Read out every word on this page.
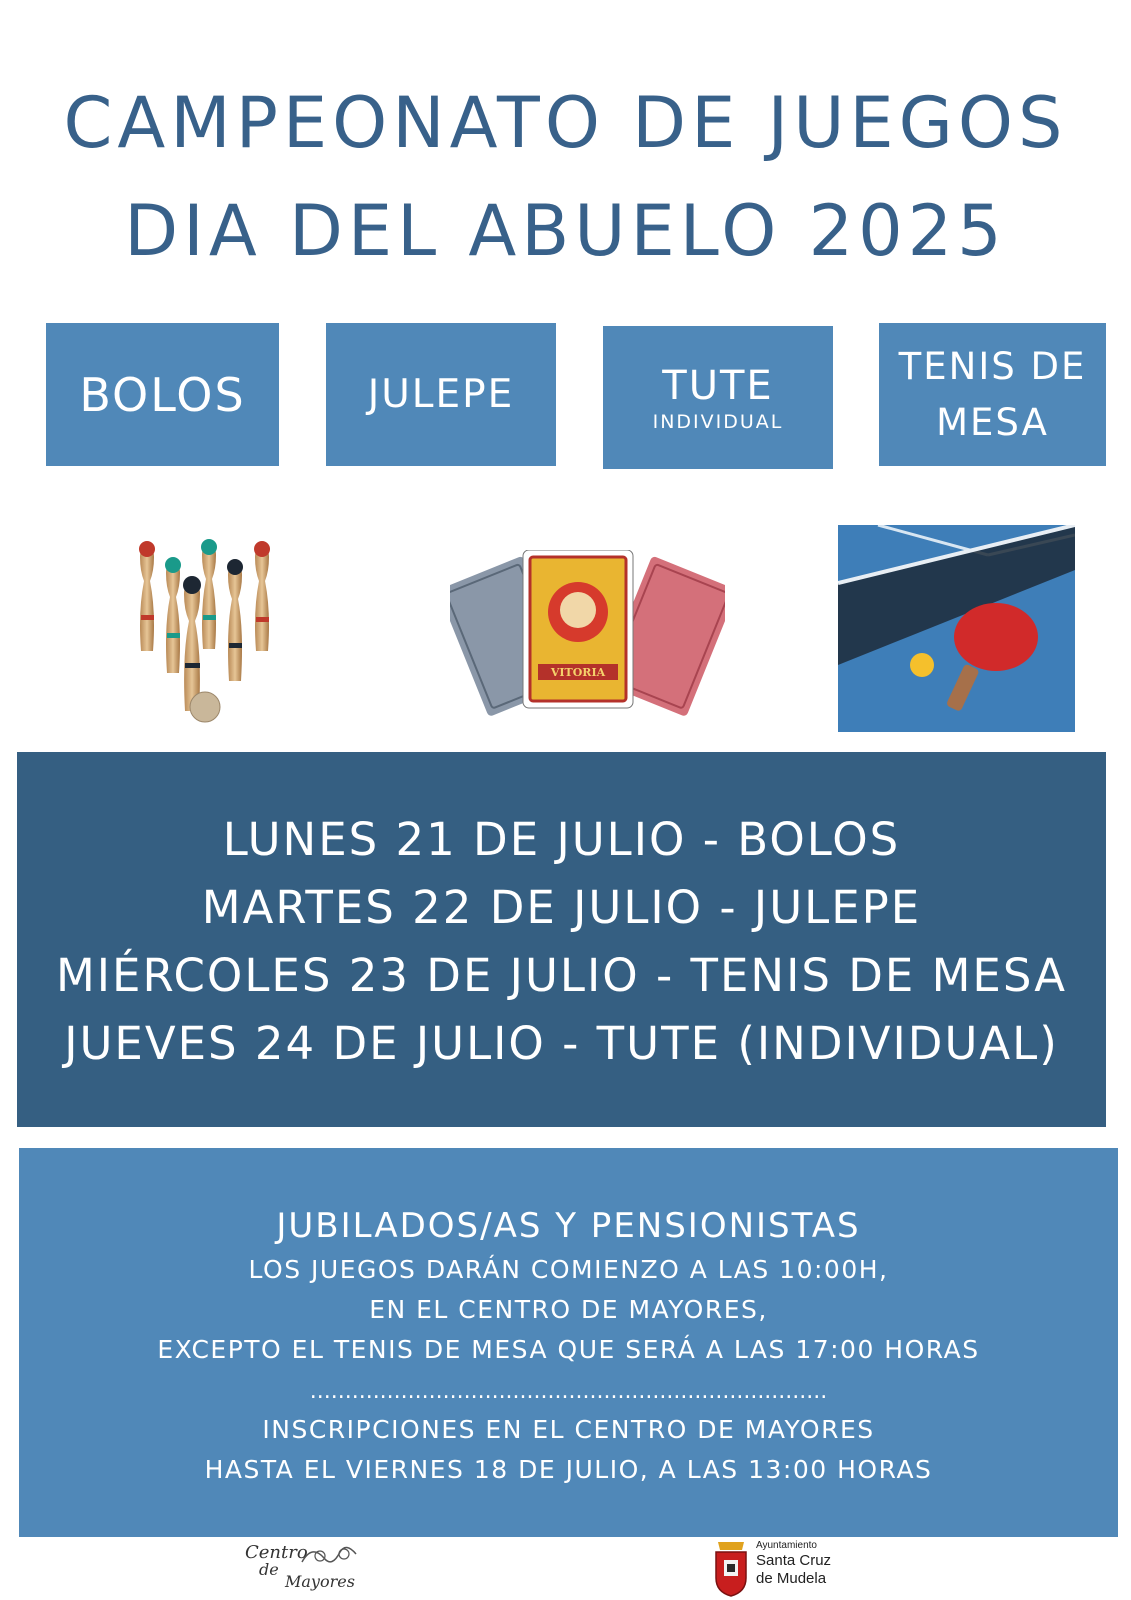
CAMPEONATO DE JUEGOS
DIA DEL ABUELO 2025
BOLOS	JULEPE	TUTE
INDIVIDUAL
TENIS DE
MESA
VITORIA
LUNES 21 DE JULIO - BOLOS
MARTES 22 DE JULIO - JULEPE
MIÉRCOLES 23 DE JULIO - TENIS DE MESA
JUEVES 24 DE JULIO - TUTE (INDIVIDUAL)
JUBILADOS/AS Y PENSIONISTAS
LOS JUEGOS DARÁN COMIENZO A LAS 10:00H,
EN EL CENTRO DE MAYORES,
EXCEPTO EL TENIS DE MESA QUE SERÁ A LAS 17:00 HORAS
..........................................................................
INSCRIPCIONES EN EL CENTRO DE MAYORES
HASTA EL VIERNES 18 DE JULIO, A LAS 13:00 HORAS
Centro
de
Mayores
Ayuntamiento
Santa Cruz
de Mudela
